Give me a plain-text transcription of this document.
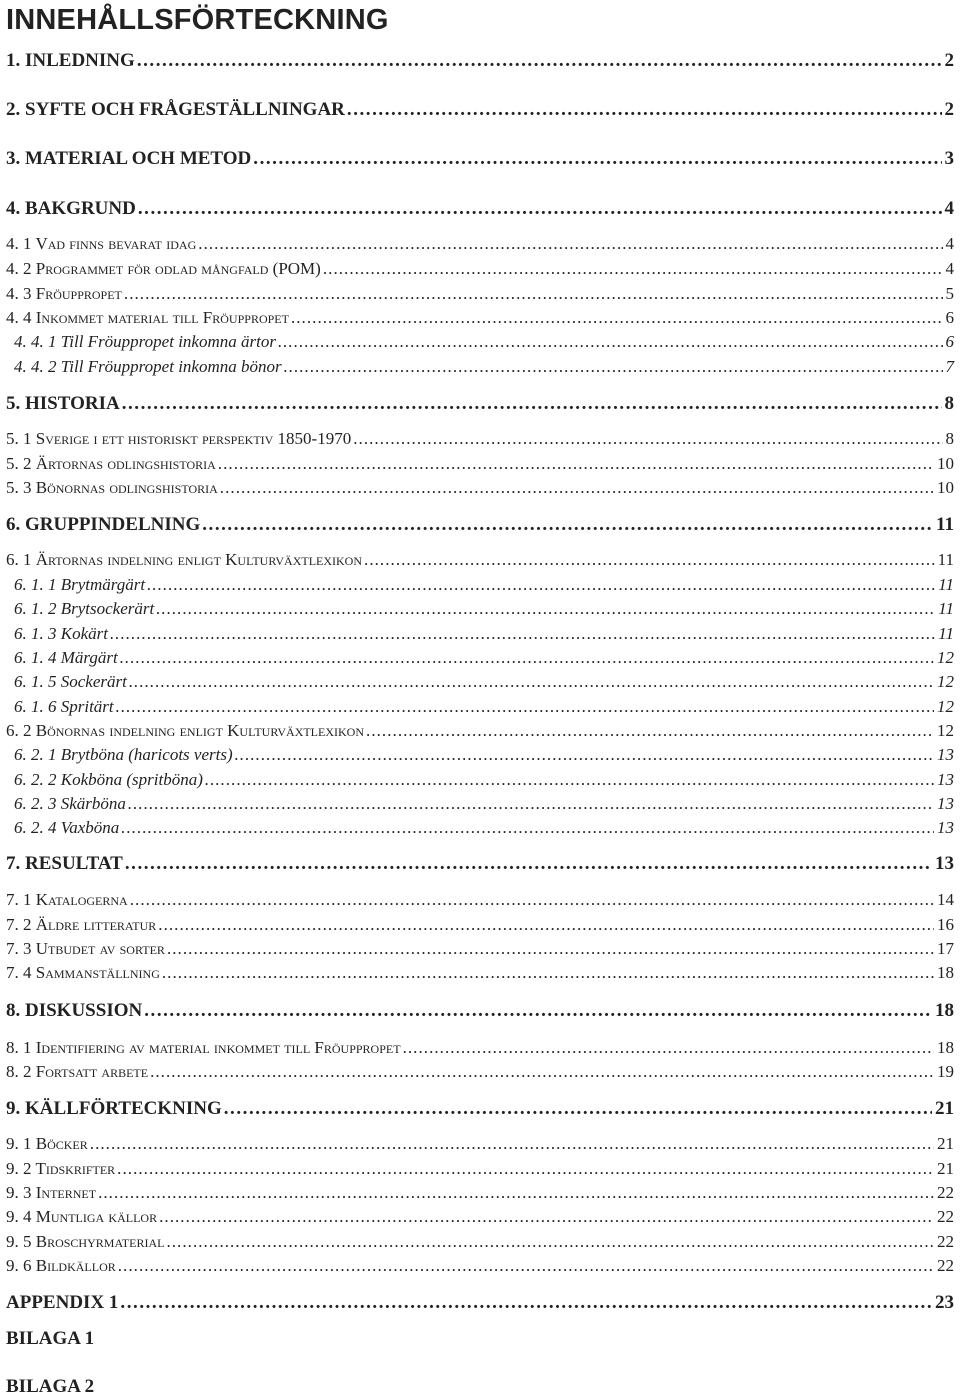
INNEHÅLLSFÖRTECKNING
1. INLEDNING . . .	2
2. SYFTE OCH FRÅGESTÄLLNINGAR . . .	2
3. MATERIAL OCH METOD . . .	3
4. BAKGRUND . . .	4
4. 1 Vad finns bevarat idag . . .	4
4. 2 Programmet för odlad mångfald (POM) . . .	4
4. 3 Fröuppropet . . .	5
4. 4 Inkommet material till Fröuppropet . . .	6
4. 4. 1 Till Fröuppropet inkomna ärtor . . .	6
4. 4. 2 Till Fröuppropet inkomna bönor . . .	7
5. HISTORIA . . .	8
5. 1 Sverige i ett historiskt perspektiv 1850-1970 . . .	8
5. 2 Ärtornas odlingshistoria . . .	10
5. 3 Bönornas odlingshistoria . . .	10
6. GRUPPINDELNING . . .	11
6. 1 Ärtornas indelning enligt Kulturväxtlexikon . . .	11
6. 1. 1 Brytmärgärt . . .	11
6. 1. 2 Brytsockerärt . . .	11
6. 1. 3 Kokärt . . .	11
6. 1. 4 Märgärt . . .	12
6. 1. 5 Sockerärt . . .	12
6. 1. 6 Spritärt . . .	12
6. 2 Bönornas indelning enligt Kulturväxtlexikon . . .	12
6. 2. 1 Brytböna (haricots verts) . . .	13
6. 2. 2 Kokböna (spritböna) . . .	13
6. 2. 3 Skärböna . . .	13
6. 2. 4 Vaxböna . . .	13
7. RESULTAT . . .	13
7. 1 Katalogerna . . .	14
7. 2 Äldre litteratur . . .	16
7. 3 Utbudet av sorter . . .	17
7. 4 Sammanställning . . .	18
8. DISKUSSION . . .	18
8. 1 Identifiering av material inkommet till Fröuppropet . . .	18
8. 2 Fortsatt arbete . . .	19
9. KÄLLFÖRTECKNING . . .	21
9. 1 Böcker . . .	21
9. 2 Tidskrifter . . .	21
9. 3 Internet . . .	22
9. 4 Muntliga källor . . .	22
9. 5 Broschyrmaterial . . .	22
9. 6 Bildkällor . . .	22
APPENDIX 1 . . .	23
BILAGA 1
BILAGA 2
